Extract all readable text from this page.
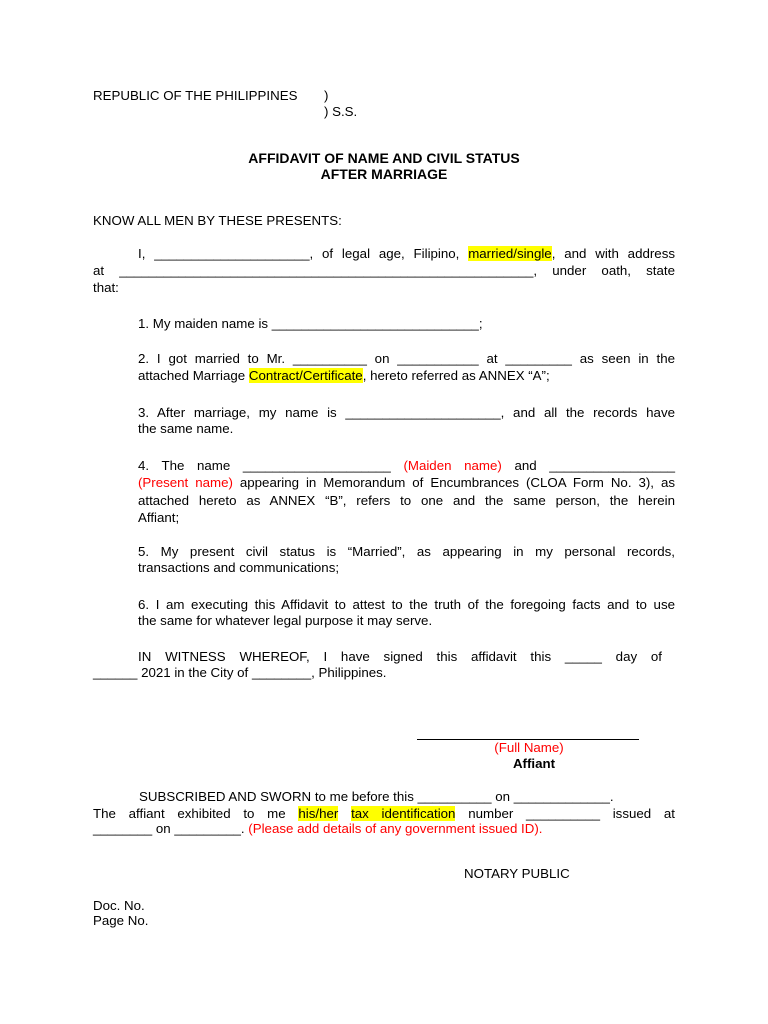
REPUBLIC OF THE PHILIPPINES )
) S.S.
AFFIDAVIT OF NAME AND CIVIL STATUS
AFTER MARRIAGE
KNOW ALL MEN BY THESE PRESENTS:
I, _____________________, of legal age, Filipino, married/single, and with address
at ________________________________________________________, under oath, state
that:
1. My maiden name is ____________________________;
2. I got married to Mr. __________ on ___________ at _________ as seen in the
attached Marriage Contract/Certificate, hereto referred as ANNEX “A”;
3. After marriage, my name is _____________________, and all the records have
the same name.
4. The name ____________________ (Maiden name) and _________________
(Present name) appearing in Memorandum of Encumbrances (CLOA Form No. 3), as
attached hereto as ANNEX “B”, refers to one and the same person, the herein
Affiant;
5. My present civil status is “Married”, as appearing in my personal records,
transactions and communications;
6. I am executing this Affidavit to attest to the truth of the foregoing facts and to use
the same for whatever legal purpose it may serve.
IN WITNESS WHEREOF, I have signed this affidavit this _____ day of
______ 2021 in the City of ________, Philippines.
(Full Name)
Affiant
SUBSCRIBED AND SWORN to me before this __________ on _____________.
The affiant exhibited to me his/her tax identification number __________ issued at
________ on _________. (Please add details of any government issued ID).
NOTARY PUBLIC
Doc. No.
Page No.
